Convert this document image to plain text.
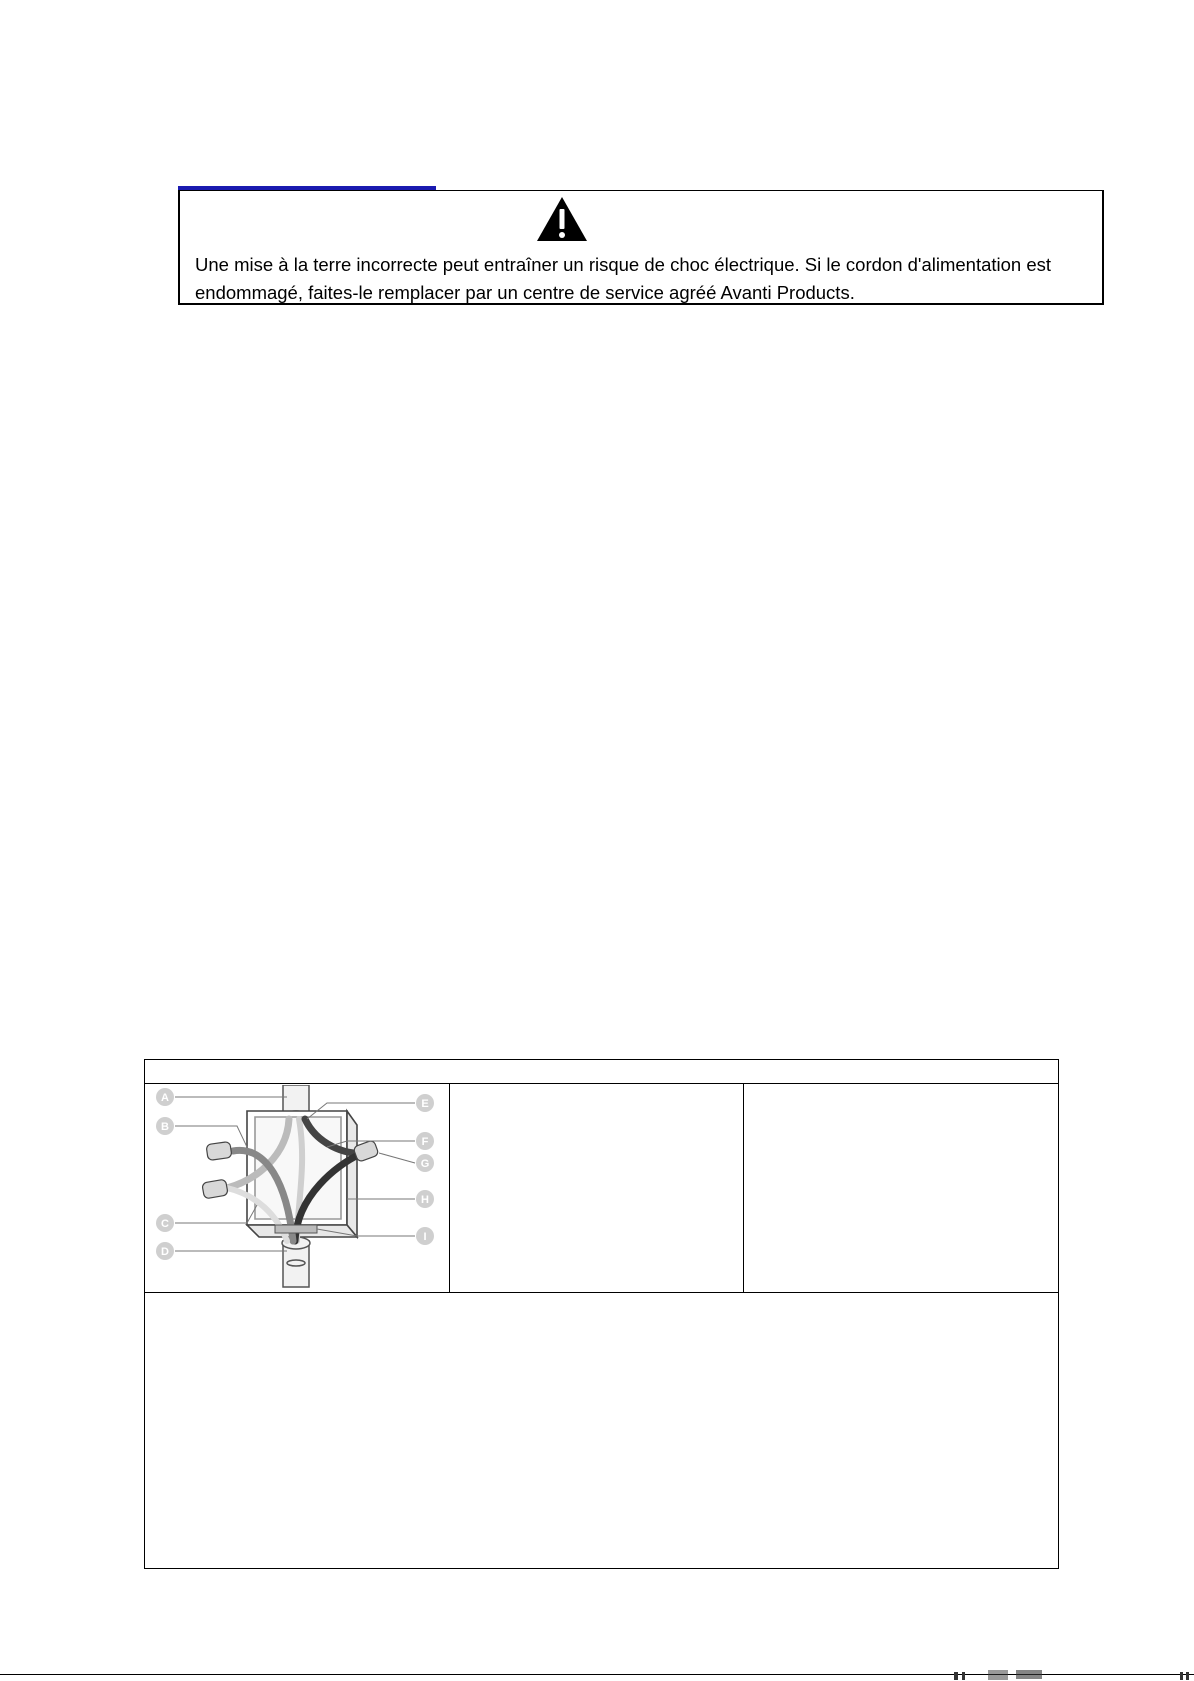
Une mise à la terre incorrecte peut entraîner un risque de choc électrique. Si le cordon d'alimentation est endommagé, faites-le remplacer par un centre de service agréé Avanti Products.
A
B
C
D
E
F
G
H
I
